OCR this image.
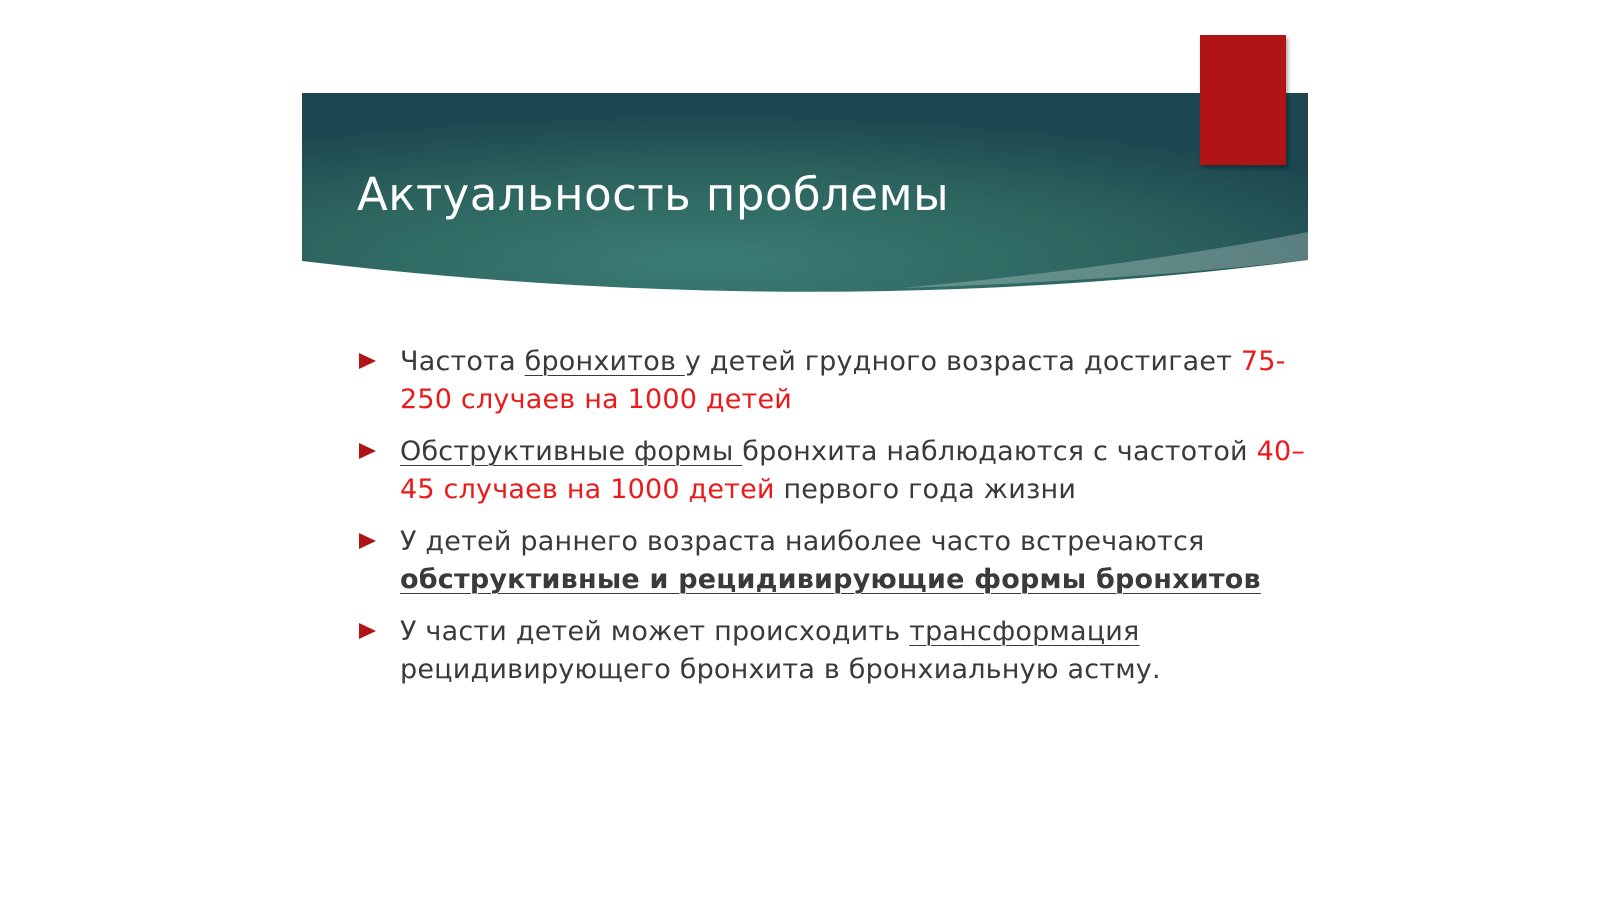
Актуальность проблемы
Частота бронхитов у детей грудного возраста достигает 75-250 случаев на 1000 детей
Обструктивные формы бронхита наблюдаются с частотой 40–45 случаев на 1000 детей первого года жизни
У детей раннего возраста наиболее часто встречаются обструктивные и рецидивирующие формы бронхитов
У части детей может происходить трансформация рецидивирующего бронхита в бронхиальную астму.
